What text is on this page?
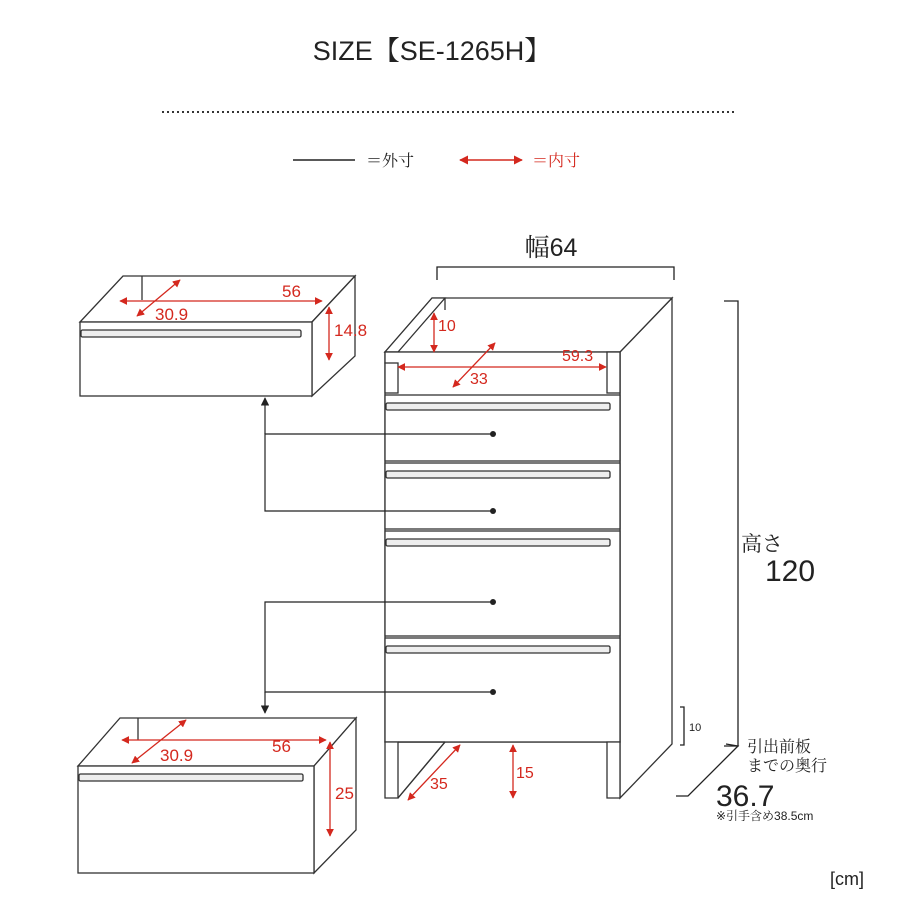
SIZE【SE-1265H】
＝外寸	＝内寸
56
30.9
14.8
56
30.9
25
10
59.3
33
35
15
幅64
高さ
120
10
引出前板
までの奥行
36.7
※引手含め38.5cm
[cm]
